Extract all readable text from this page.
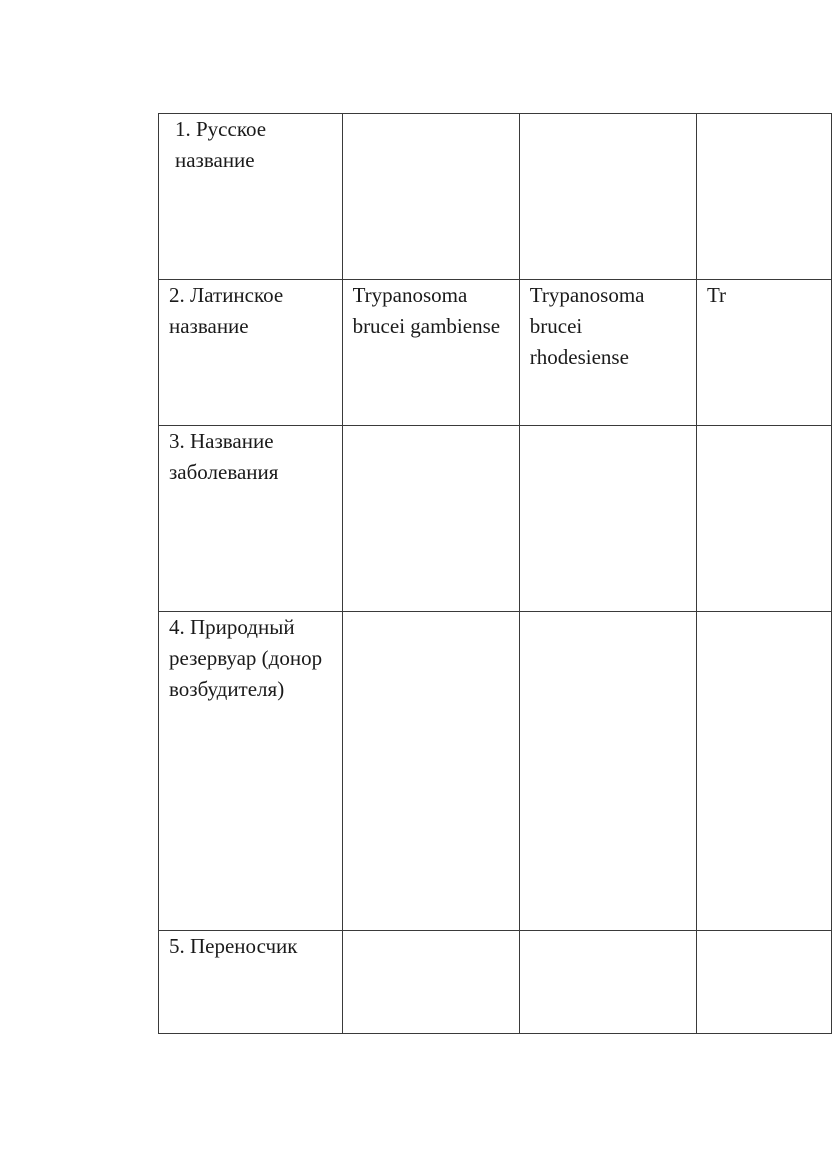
1. Русское название			

2. Латинское название	Trypanosoma brucei gambiense	Trypanosoma brucei rhodesiense	Tr

3. Название заболевания			

4. Природный резервуар (донор возбудителя)			

5. Переносчик			
